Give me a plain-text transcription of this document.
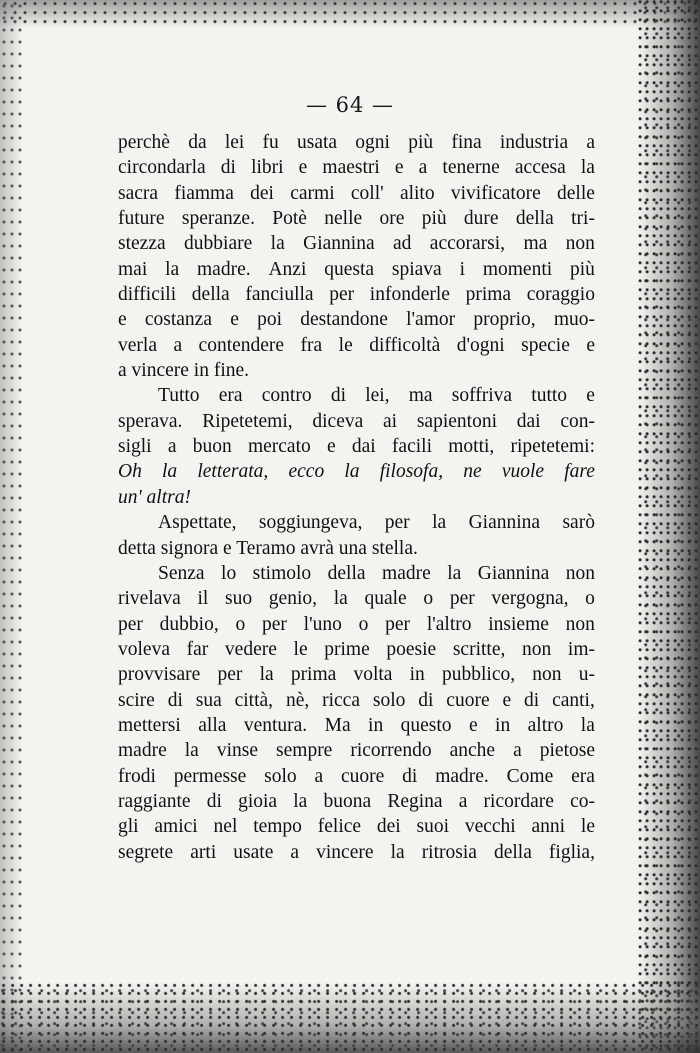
— 64 —
perchè da lei fu usata ogni più fina industria a
circondarla di libri e maestri e a tenerne accesa la
sacra fiamma dei carmi coll' alito vivificatore delle
future speranze. Potè nelle ore più dure della tri-
stezza dubbiare la Giannina ad accorarsi, ma non
mai la madre. Anzi questa spiava i momenti più
difficili della fanciulla per infonderle prima coraggio
e costanza e poi destandone l'amor proprio, muo-
verla a contendere fra le difficoltà d'ogni specie e
a vincere in fine.
Tutto era contro di lei, ma soffriva tutto e
sperava. Ripetetemi, diceva ai sapientoni dai con-
sigli a buon mercato e dai facili motti, ripetetemi:
Oh la letterata, ecco la filosofa, ne vuole fare
un' altra!
Aspettate, soggiungeva, per la Giannina sarò
detta signora e Teramo avrà una stella.
Senza lo stimolo della madre la Giannina non
rivelava il suo genio, la quale o per vergogna, o
per dubbio, o per l'uno o per l'altro insieme non
voleva far vedere le prime poesie scritte, non im-
provvisare per la prima volta in pubblico, non u-
scire di sua città, nè, ricca solo di cuore e di canti,
mettersi alla ventura. Ma in questo e in altro la
madre la vinse sempre ricorrendo anche a pietose
frodi permesse solo a cuore di madre. Come era
raggiante di gioia la buona Regina a ricordare co-
gli amici nel tempo felice dei suoi vecchi anni le
segrete arti usate a vincere la ritrosia della figlia,
